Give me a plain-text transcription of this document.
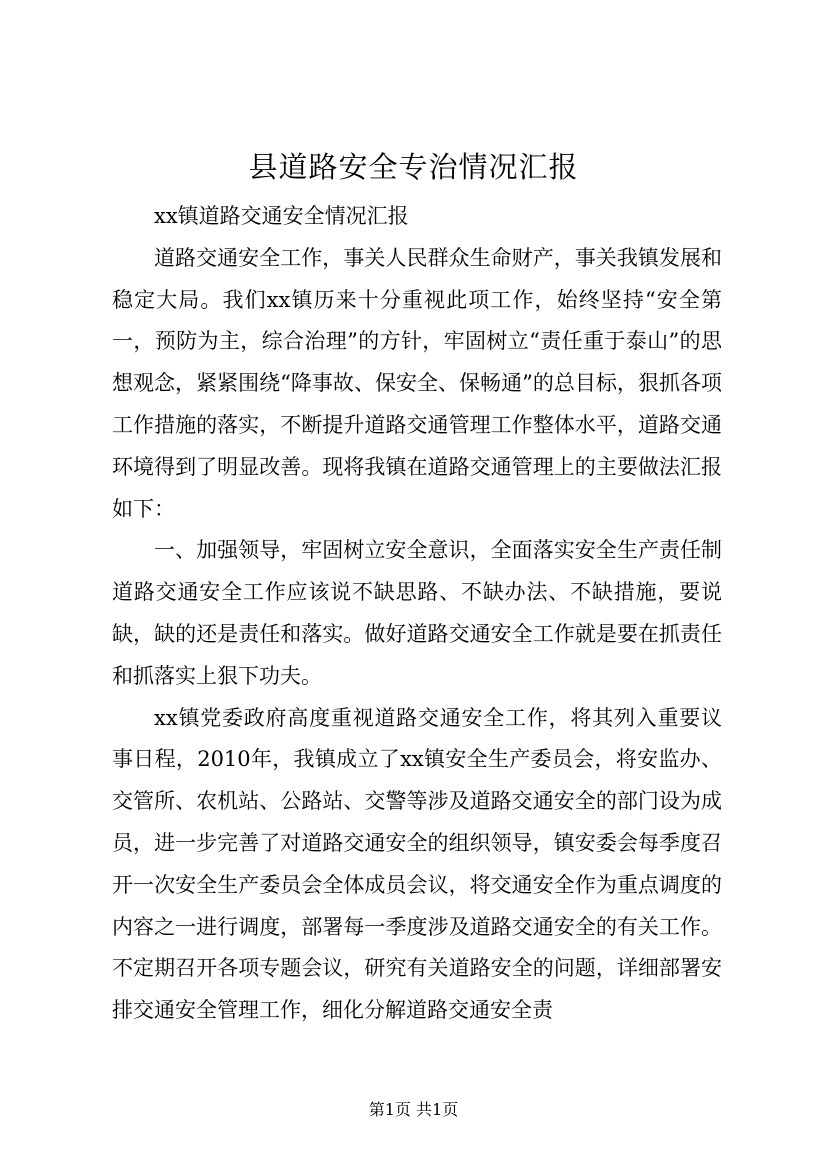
县道路安全专治情况汇报

xx镇道路交通安全情况汇报

道路交通安全工作，事关人民群众生命财产，事关我镇发展和稳定大局。我们xx镇历来十分重视此项工作，始终坚持“安全第一，预防为主，综合治理”的方针，牢固树立“责任重于泰山”的思想观念，紧紧围绕“降事故、保安全、保畅通”的总目标，狠抓各项工作措施的落实，不断提升道路交通管理工作整体水平，道路交通环境得到了明显改善。现将我镇在道路交通管理上的主要做法汇报如下：

一、加强领导，牢固树立安全意识，全面落实安全生产责任制道路交通安全工作应该说不缺思路、不缺办法、不缺措施，要说缺，缺的还是责任和落实。做好道路交通安全工作就是要在抓责任和抓落实上狠下功夫。

xx镇党委政府高度重视道路交通安全工作，将其列入重要议事日程，2010年，我镇成立了xx镇安全生产委员会，将安监办、交管所、农机站、公路站、交警等涉及道路交通安全的部门设为成员，进一步完善了对道路交通安全的组织领导，镇安委会每季度召开一次安全生产委员会全体成员会议，将交通安全作为重点调度的内容之一进行调度，部署每一季度涉及道路交通安全的有关工作。不定期召开各项专题会议，研究有关道路安全的问题，详细部署安排交通安全管理工作，细化分解道路交通安全责

第1页 共1页
